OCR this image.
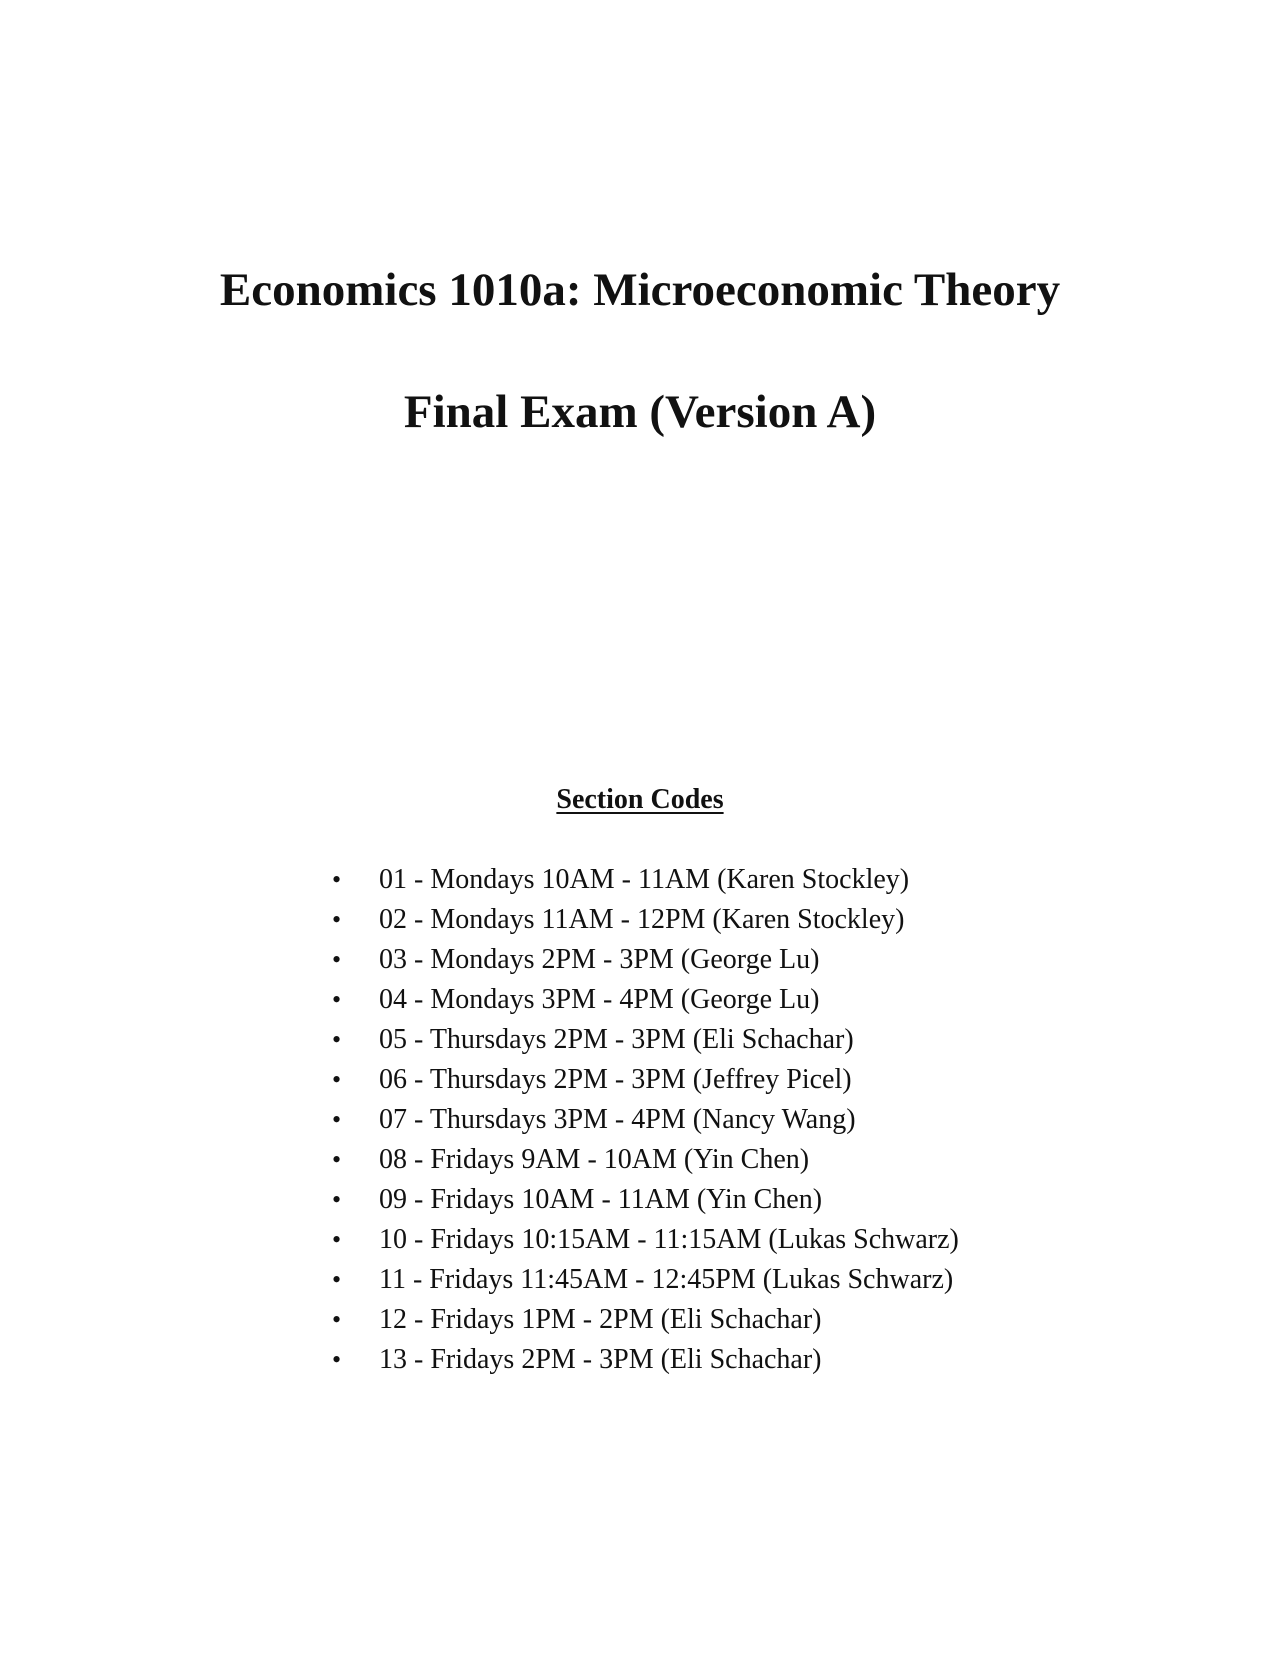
Economics 1010a: Microeconomic Theory
Final Exam (Version A)
Section Codes
•	01 - Mondays 10AM - 11AM (Karen Stockley)
•	02 - Mondays 11AM - 12PM (Karen Stockley)
•	03 - Mondays 2PM - 3PM (George Lu)
•	04 - Mondays 3PM - 4PM (George Lu)
•	05 - Thursdays 2PM - 3PM (Eli Schachar)
•	06 - Thursdays 2PM - 3PM (Jeffrey Picel)
•	07 - Thursdays 3PM - 4PM (Nancy Wang)
•	08 - Fridays 9AM - 10AM (Yin Chen)
•	09 - Fridays 10AM - 11AM (Yin Chen)
•	10 - Fridays 10:15AM - 11:15AM (Lukas Schwarz)
•	11 - Fridays 11:45AM - 12:45PM (Lukas Schwarz)
•	12 - Fridays 1PM - 2PM (Eli Schachar)
•	13 - Fridays 2PM - 3PM (Eli Schachar)
